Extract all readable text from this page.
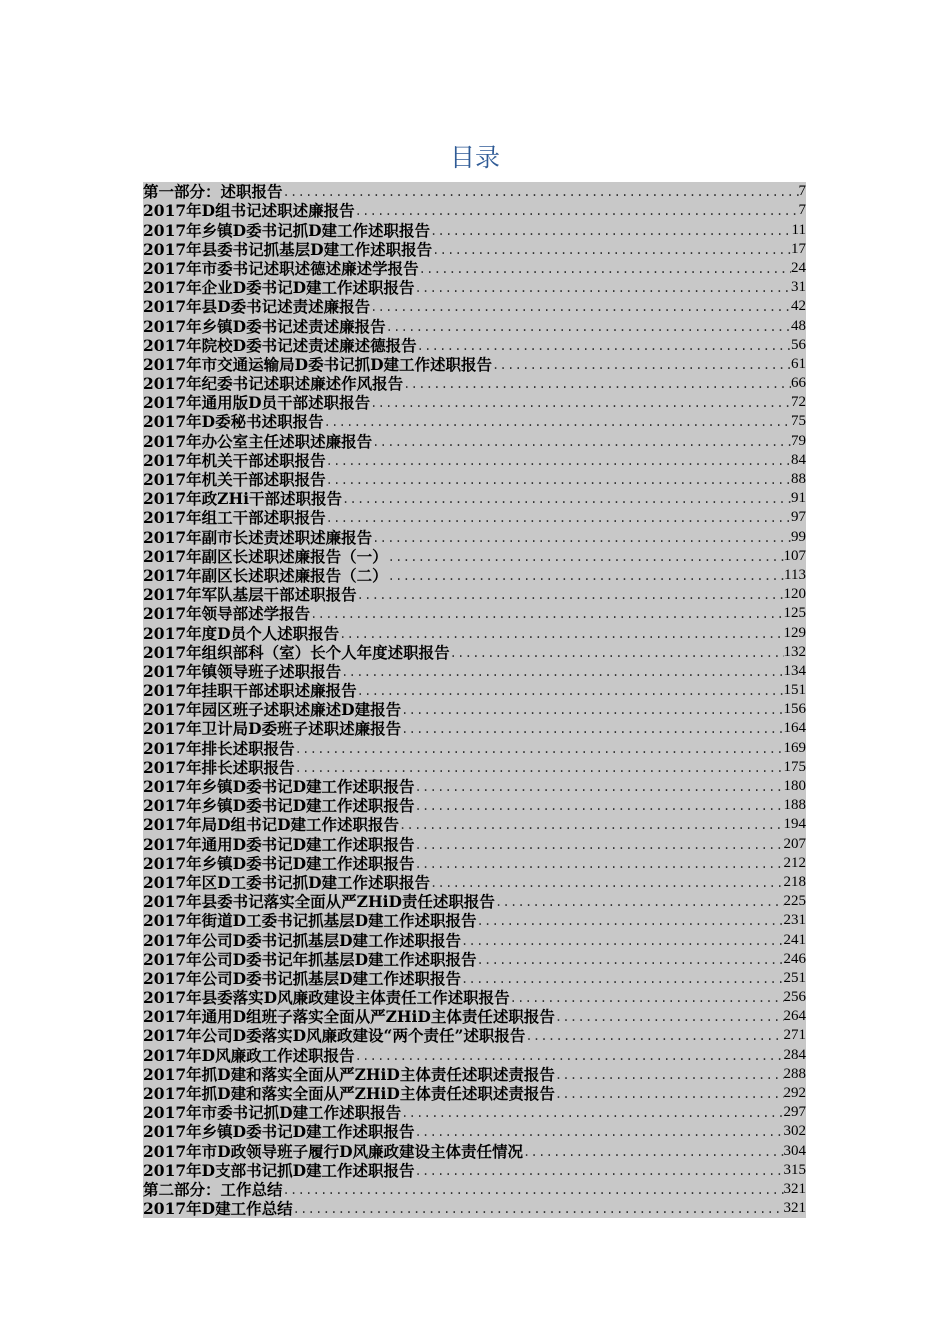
目录
第一部分：述职报告 .....	7
2017年D组书记述职述廉报告 .....	7
2017年乡镇D委书记抓D建工作述职报告 .....	11
2017年县委书记抓基层D建工作述职报告 .....	17
2017年市委书记述职述德述廉述学报告 .....	24
2017年企业D委书记D建工作述职报告 .....	31
2017年县D委书记述责述廉报告 .....	42
2017年乡镇D委书记述责述廉报告 .....	48
2017年院校D委书记述责述廉述德报告 .....	56
2017年市交通运输局D委书记抓D建工作述职报告 .....	61
2017年纪委书记述职述廉述作风报告 .....	66
2017年通用版D员干部述职报告 .....	72
2017年D委秘书述职报告 .....	75
2017年办公室主任述职述廉报告 .....	79
2017年机关干部述职报告 .....	84
2017年机关干部述职报告 .....	88
2017年政ZHi干部述职报告 .....	91
2017年组工干部述职报告 .....	97
2017年副市长述责述职述廉报告 .....	99
2017年副区长述职述廉报告（一） .....	107
2017年副区长述职述廉报告（二） .....	113
2017年军队基层干部述职报告 .....	120
2017年领导部述学报告 .....	125
2017年度D员个人述职报告 .....	129
2017年组织部科（室）长个人年度述职报告 .....	132
2017年镇领导班子述职报告 .....	134
2017年挂职干部述职述廉报告 .....	151
2017年园区班子述职述廉述D建报告 .....	156
2017年卫计局D委班子述职述廉报告 .....	164
2017年排长述职报告 .....	169
2017年排长述职报告 .....	175
2017年乡镇D委书记D建工作述职报告 .....	180
2017年乡镇D委书记D建工作述职报告 .....	188
2017年局D组书记D建工作述职报告 .....	194
2017年通用D委书记D建工作述职报告 .....	207
2017年乡镇D委书记D建工作述职报告 .....	212
2017年区D工委书记抓D建工作述职报告 .....	218
2017年县委书记落实全面从严ZHiD责任述职报告 .....	225
2017年街道D工委书记抓基层D建工作述职报告 .....	231
2017年公司D委书记抓基层D建工作述职报告 .....	241
2017年公司D委书记年抓基层D建工作述职报告 .....	246
2017年公司D委书记抓基层D建工作述职报告 .....	251
2017年县委落实D风廉政建设主体责任工作述职报告 .....	256
2017年通用D组班子落实全面从严ZHiD主体责任述职报告 .....	264
2017年公司D委落实D风廉政建设“两个责任”述职报告 .....	271
2017年D风廉政工作述职报告 .....	284
2017年抓D建和落实全面从严ZHiD主体责任述职述责报告 .....	288
2017年抓D建和落实全面从严ZHiD主体责任述职述责报告 .....	292
2017年市委书记抓D建工作述职报告 .....	297
2017年乡镇D委书记D建工作述职报告 .....	302
2017年市D政领导班子履行D风廉政建设主体责任情况 .....	304
2017年D支部书记抓D建工作述职报告 .....	315
第二部分：工作总结 .....	321
2017年D建工作总结 .....	321
